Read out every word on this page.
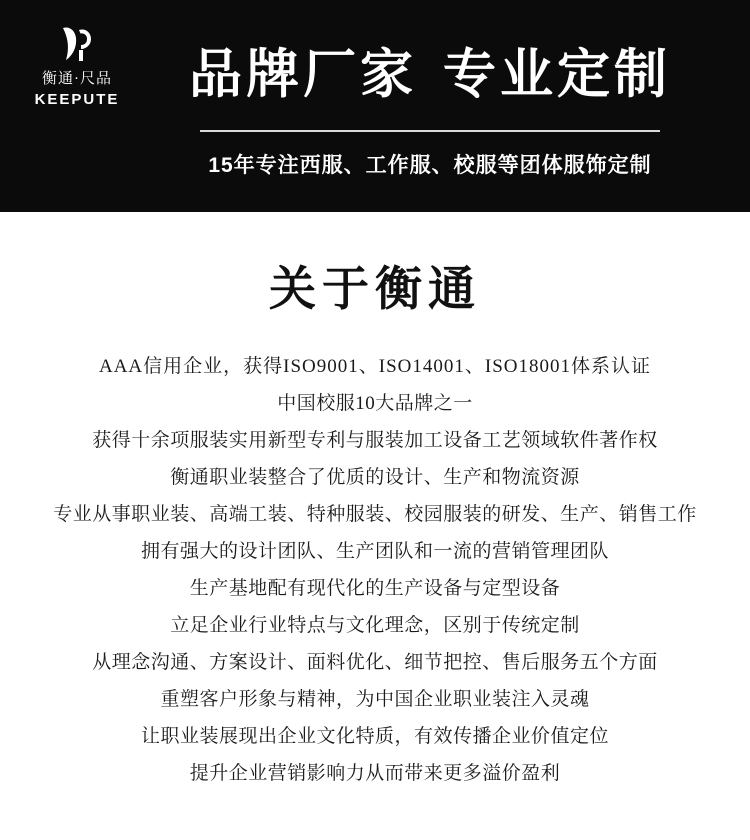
衡通·尺品
KEEPUTE	品牌厂家 专业定制
15年专注西服、工作服、校服等团体服饰定制
关于衡通
AAA信用企业，获得ISO9001、ISO14001、ISO18001体系认证
中国校服10大品牌之一
获得十余项服装实用新型专利与服装加工设备工艺领域软件著作权
衡通职业装整合了优质的设计、生产和物流资源
专业从事职业装、高端工装、特种服装、校园服装的研发、生产、销售工作
拥有强大的设计团队、生产团队和一流的营销管理团队
生产基地配有现代化的生产设备与定型设备
立足企业行业特点与文化理念，区别于传统定制
从理念沟通、方案设计、面料优化、细节把控、售后服务五个方面
重塑客户形象与精神，为中国企业职业装注入灵魂
让职业装展现出企业文化特质，有效传播企业价值定位
提升企业营销影响力从而带来更多溢价盈利
